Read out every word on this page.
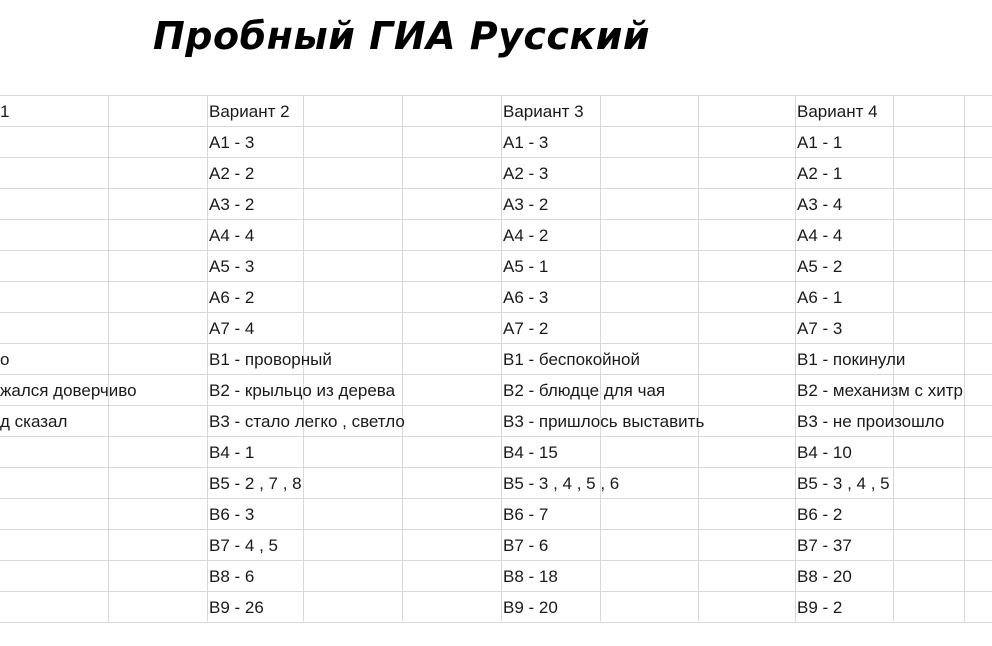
Пробный ГИА Русский
1
о
жался доверчиво
д сказал
Вариант 2
А1 - 3
А2 - 2
А3 - 2
А4 - 4
А5 - 3
А6 - 2
А7 - 4
В1 - проворный
В2 - крыльцо из дерева
В3 - стало легко , светло
В4 - 1
В5 - 2 , 7 , 8
В6 - 3
В7 - 4 , 5
В8 - 6
В9 - 26
Вариант 3
А1 - 3
А2 - 3
А3 - 2
А4 - 2
А5 - 1
А6 - 3
А7 - 2
В1 - беспокойной
В2 - блюдце для чая
В3 - пришлось выставить
В4 - 15
В5 - 3 , 4 , 5 , 6
В6 - 7
В7 - 6
В8 - 18
В9 - 20
Вариант 4
А1 - 1
А2 - 1
А3 - 4
А4 - 4
А5 - 2
А6 - 1
А7 - 3
В1 - покинули
В2 - механизм с хитр
В3 - не произошло
В4 - 10
В5 - 3 , 4 , 5
В6 - 2
В7 - 37
В8 - 20
В9 - 2
